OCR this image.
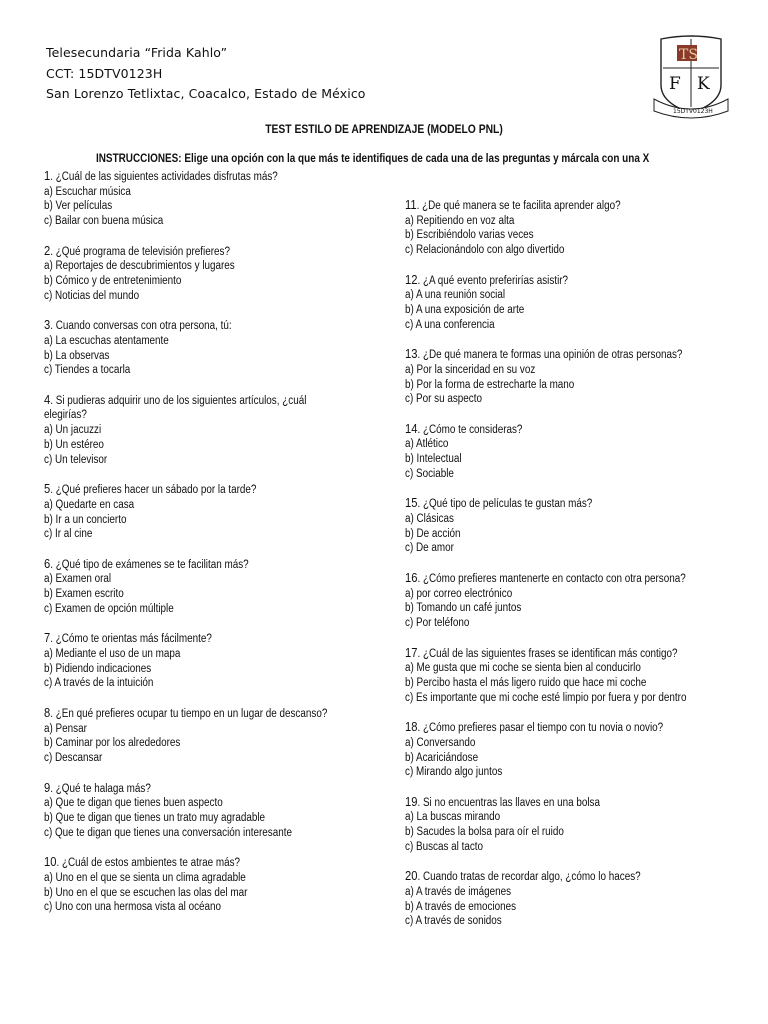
Telesecundaria “Frida Kahlo”
CCT: 15DTV0123H
San Lorenzo Tetlixtac, Coacalco, Estado de México
TS
F K
15DTV0123H
TEST ESTILO DE APRENDIZAJE (MODELO PNL)
INSTRUCCIONES: Elige una opción con la que más te identifiques de cada una de las preguntas y márcala con una X
1. ¿Cuál de las siguientes actividades disfrutas más?
a) Escuchar música
b) Ver películas
c) Bailar con buena música
2. ¿Qué programa de televisión prefieres?
a) Reportajes de descubrimientos y lugares
b) Cómico y de entretenimiento
c) Noticias del mundo
3. Cuando conversas con otra persona, tú:
a) La escuchas atentamente
b) La observas
c) Tiendes a tocarla
4. Si pudieras adquirir uno de los siguientes artículos, ¿cuál elegirías?
a) Un jacuzzi
b) Un estéreo
c) Un televisor
5. ¿Qué prefieres hacer un sábado por la tarde?
a) Quedarte en casa
b) Ir a un concierto
c) Ir al cine
6. ¿Qué tipo de exámenes se te facilitan más?
a) Examen oral
b) Examen escrito
c) Examen de opción múltiple
7. ¿Cómo te orientas más fácilmente?
a) Mediante el uso de un mapa
b) Pidiendo indicaciones
c) A través de la intuición
8. ¿En qué prefieres ocupar tu tiempo en un lugar de descanso?
a) Pensar
b) Caminar por los alrededores
c) Descansar
9. ¿Qué te halaga más?
a) Que te digan que tienes buen aspecto
b) Que te digan que tienes un trato muy agradable
c) Que te digan que tienes una conversación interesante
10. ¿Cuál de estos ambientes te atrae más?
a) Uno en el que se sienta un clima agradable
b) Uno en el que se escuchen las olas del mar
c) Uno con una hermosa vista al océano
11. ¿De qué manera se te facilita aprender algo?
a) Repitiendo en voz alta
b) Escribiéndolo varias veces
c) Relacionándolo con algo divertido
12. ¿A qué evento preferirías asistir?
a) A una reunión social
b) A una exposición de arte
c) A una conferencia
13. ¿De qué manera te formas una opinión de otras personas?
a) Por la sinceridad en su voz
b) Por la forma de estrecharte la mano
c) Por su aspecto
14. ¿Cómo te consideras?
a) Atlético
b) Intelectual
c) Sociable
15. ¿Qué tipo de películas te gustan más?
a) Clásicas
b) De acción
c) De amor
16. ¿Cómo prefieres mantenerte en contacto con otra persona?
a) por correo electrónico
b) Tomando un café juntos
c) Por teléfono
17. ¿Cuál de las siguientes frases se identifican más contigo?
a) Me gusta que mi coche se sienta bien al conducirlo
b) Percibo hasta el más ligero ruido que hace mi coche
c) Es importante que mi coche esté limpio por fuera y por dentro
18. ¿Cómo prefieres pasar el tiempo con tu novia o novio?
a) Conversando
b) Acariciándose
c) Mirando algo juntos
19. Si no encuentras las llaves en una bolsa
a) La buscas mirando
b) Sacudes la bolsa para oír el ruido
c) Buscas al tacto
20. Cuando tratas de recordar algo, ¿cómo lo haces?
a) A través de imágenes
b) A través de emociones
c) A través de sonidos
